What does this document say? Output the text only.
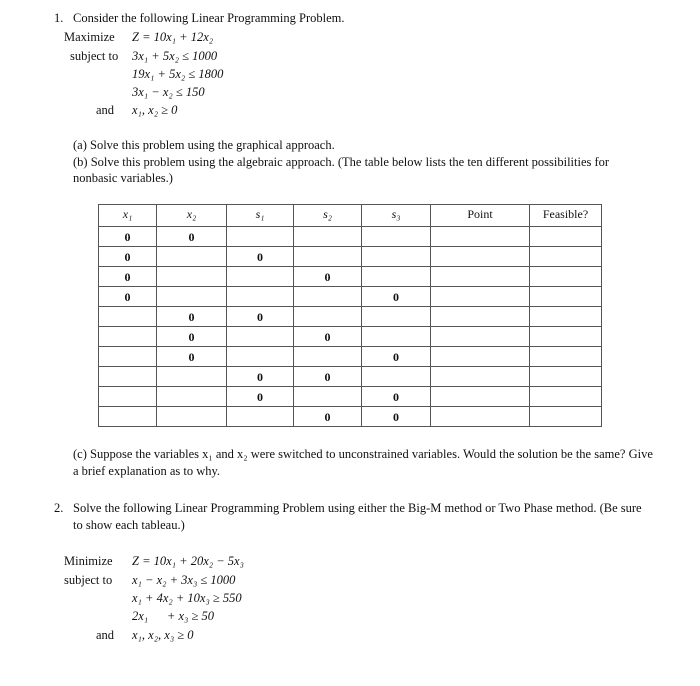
1. Consider the following Linear Programming Problem.
Maximize Z = 10x₁ + 12x₂
subject to 3x₁ + 5x₂ ≤ 1000
19x₁ + 5x₂ ≤ 1800
3x₁ − x₂ ≤ 150
and x₁, x₂ ≥ 0
(a) Solve this problem using the graphical approach.
(b) Solve this problem using the algebraic approach. (The table below lists the ten different possibilities for nonbasic variables.)
x₁	x₂	s₁	s₂	s₃	Point	Feasible?
0	0					
0		0				
0			0			
0				0		
	0	0				
	0		0			
	0			0		
		0	0			
		0		0		
			0	0		
(c) Suppose the variables x₁ and x₂ were switched to unconstrained variables. Would the solution be the same? Give a brief explanation as to why.
2. Solve the following Linear Programming Problem using either the Big-M method or Two Phase method. (Be sure to show each tableau.)
Minimize Z = 10x₁ + 20x₂ − 5x₃
subject to x₁ − x₂ + 3x₃ ≤ 1000
x₁ + 4x₂ + 10x₃ ≥ 550
2x₁      + x₃ ≥ 50
and x₁, x₂, x₃ ≥ 0
